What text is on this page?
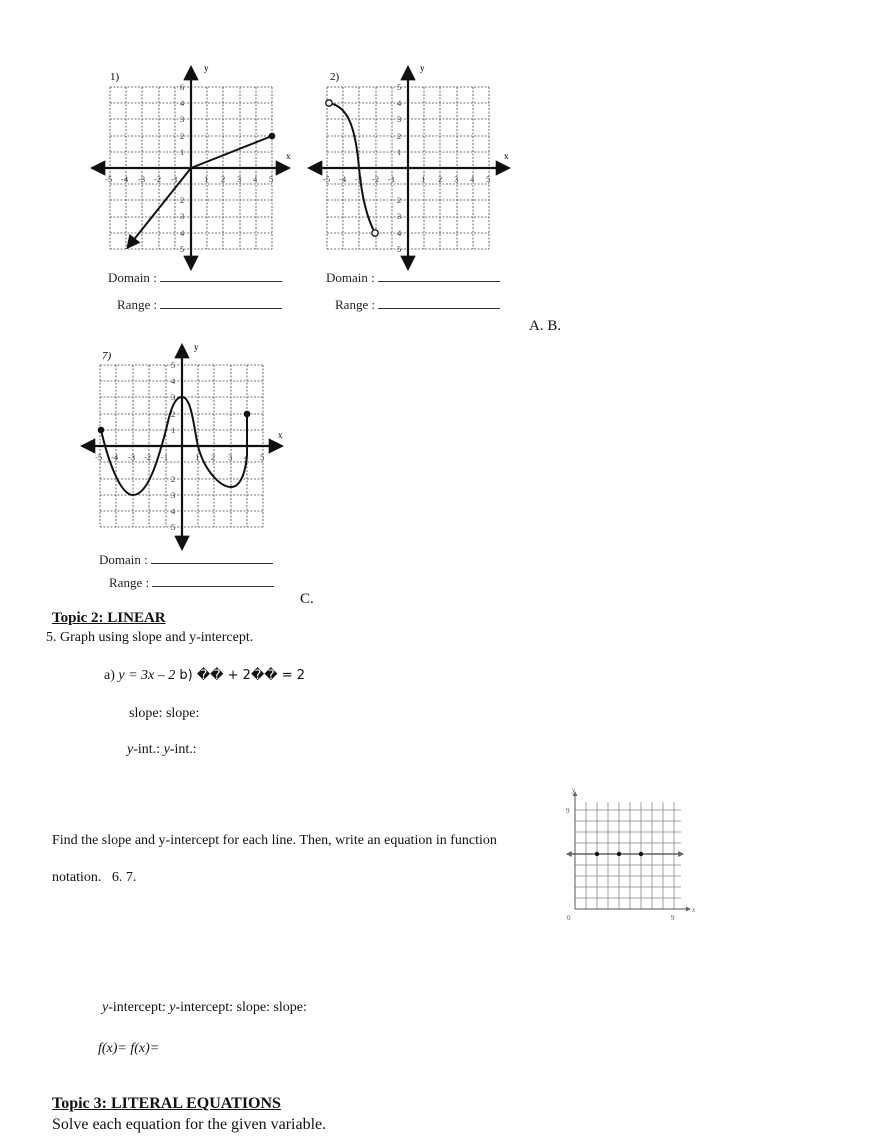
y
x
1)
-5 -4 -3 -2 -1	1 2 3 4 5
6
4
3
2
1
2
3
4
5
Domain :
Range :
y
x
2)
-5 -4 -3 -2 -1	1 2 3 4 5
5
4
3
2
1
2
3
4
5
Domain :
Range :
A. B.
y
x
7)
-5 -4 -3 -2 -1	1 2 3 4 5
5
4
3
2
1
2
3
4
5
Domain :
Range :
C.
Topic 2: LINEAR
5. Graph using slope and y-intercept.
a) y = 3x – 2 b) �� + 2�� = 2
slope: slope:
y-int.: y-int.:
Find the slope and y-intercept for each line. Then, write an equation in function
notation.   6. 7.
y
x
9
0	9
y-intercept: y-intercept: slope: slope:
f(x)= f(x)=
Topic 3: LITERAL EQUATIONS
Solve each equation for the given variable.
